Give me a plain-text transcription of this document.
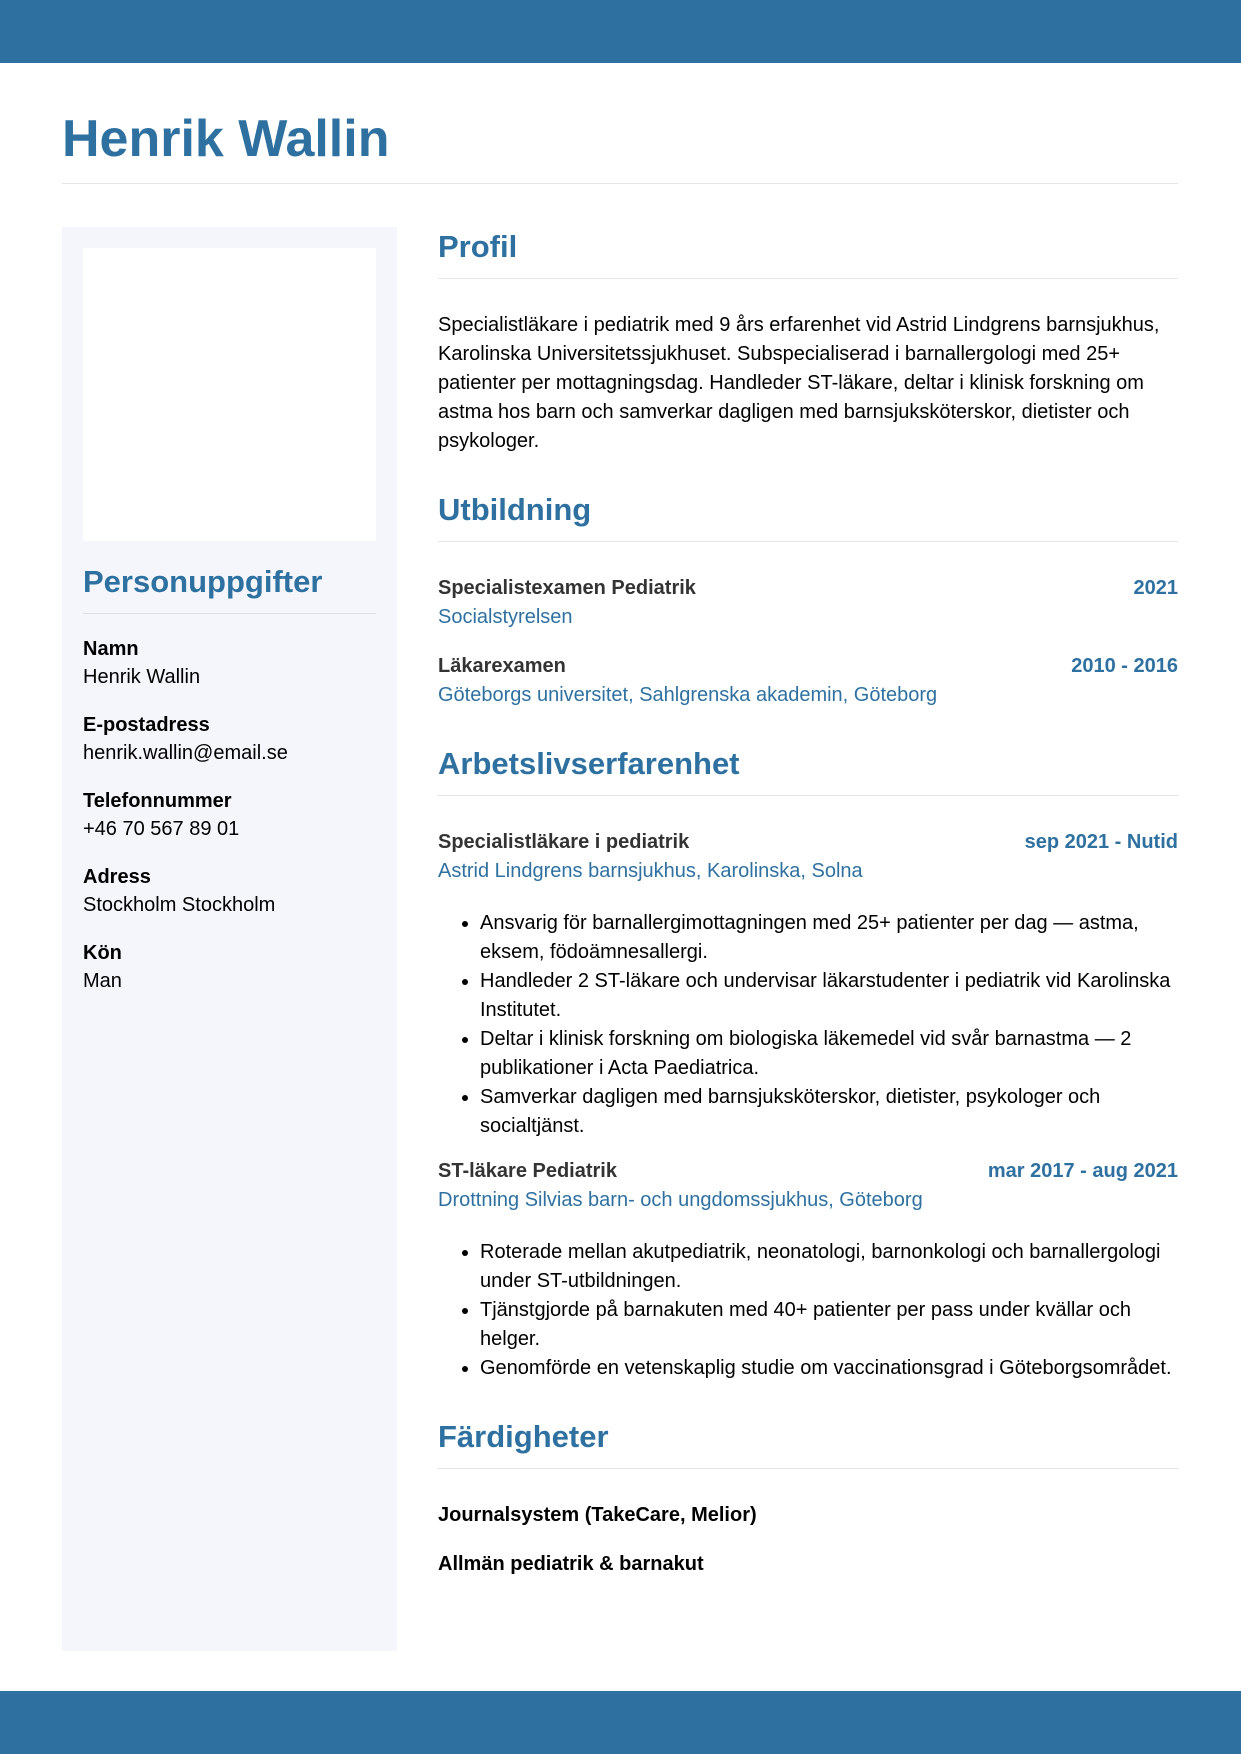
Henrik Wallin
Personuppgifter
Namn
Henrik Wallin
E-postadress
henrik.wallin@email.se
Telefonnummer
+46 70 567 89 01
Adress
Stockholm Stockholm
Kön
Man
Profil

Specialistläkare i pediatrik med 9 års erfarenhet vid Astrid Lindgrens barnsjukhus, Karolinska Universitetssjukhuset. Subspecialiserad i barnallergologi med 25+ patienter per mottagningsdag. Handleder ST-läkare, deltar i klinisk forskning om astma hos barn och samverkar dagligen med barnsjuksköterskor, dietister och psykologer.

Utbildning
Specialistexamen Pediatrik	2021
Socialstyrelsen
Läkarexamen	2010 - 2016
Göteborgs universitet, Sahlgrenska akademin, Göteborg
Arbetslivserfarenhet
Specialistläkare i pediatrik	sep 2021 - Nutid
Astrid Lindgrens barnsjukhus, Karolinska, Solna
• Ansvarig för barnallergimottagningen med 25+ patienter per dag — astma, eksem, födoämnesallergi.
• Handleder 2 ST-läkare och undervisar läkarstudenter i pediatrik vid Karolinska Institutet.
• Deltar i klinisk forskning om biologiska läkemedel vid svår barnastma — 2 publikationer i Acta Paediatrica.
• Samverkar dagligen med barnsjuksköterskor, dietister, psykologer och socialtjänst.
ST-läkare Pediatrik	mar 2017 - aug 2021
Drottning Silvias barn- och ungdomssjukhus, Göteborg
• Roterade mellan akutpediatrik, neonatologi, barnonkologi och barnallergologi under ST-utbildningen.
• Tjänstgjorde på barnakuten med 40+ patienter per pass under kvällar och helger.
• Genomförde en vetenskaplig studie om vaccinationsgrad i Göteborgsområdet.
Färdigheter
Journalsystem (TakeCare, Melior)
Allmän pediatrik & barnakut
